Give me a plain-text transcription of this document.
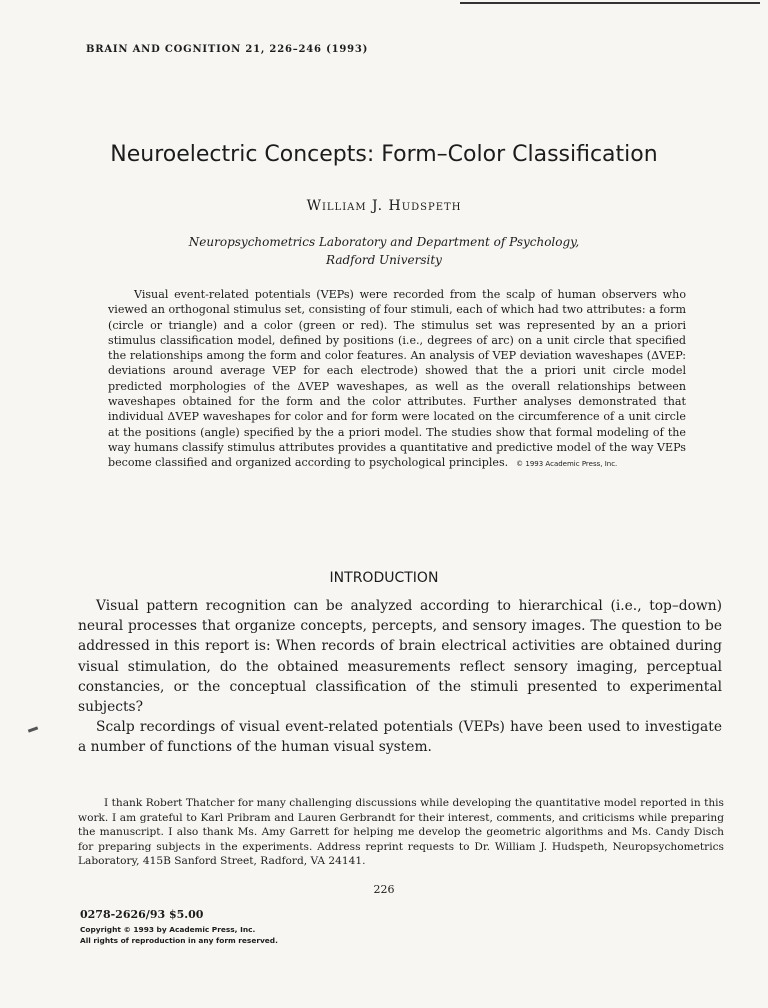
BRAIN AND COGNITION 21, 226–246 (1993)
Neuroelectric Concepts: Form–Color Classification
William J. Hudspeth
Neuropsychometrics Laboratory and Department of Psychology,
Radford University

Visual event-related potentials (VEPs) were recorded from the scalp of human observers who viewed an orthogonal stimulus set, consisting of four stimuli, each of which had two attributes: a form (circle or triangle) and a color (green or red). The stimulus set was represented by an a priori stimulus classification model, defined by positions (i.e., degrees of arc) on a unit circle that specified the relationships among the form and color features. An analysis of VEP deviation waveshapes (ΔVEP: deviations around average VEP for each electrode) showed that the a priori unit circle model predicted morphologies of the ΔVEP waveshapes, as well as the overall relationships between waveshapes obtained for the form and the color attributes. Further analyses demonstrated that individual ΔVEP waveshapes for color and for form were located on the circumference of a unit circle at the positions (angle) specified by the a priori model. The studies show that formal modeling of the way humans classify stimulus attributes provides a quantitative and predictive model of the way VEPs become classified and organized according to psychological principles. © 1993 Academic Press, Inc.

INTRODUCTION

Visual pattern recognition can be analyzed according to hierarchical (i.e., top–down) neural processes that organize concepts, percepts, and sensory images. The question to be addressed in this report is: When records of brain electrical activities are obtained during visual stimulation, do the obtained measurements reflect sensory imaging, perceptual constancies, or the conceptual classification of the stimuli presented to experimental subjects?

Scalp recordings of visual event-related potentials (VEPs) have been used to investigate a number of functions of the human visual system.

I thank Robert Thatcher for many challenging discussions while developing the quantitative model reported in this work. I am grateful to Karl Pribram and Lauren Gerbrandt for their interest, comments, and criticisms while preparing the manuscript. I also thank Ms. Amy Garrett for helping me develop the geometric algorithms and Ms. Candy Disch for preparing subjects in the experiments. Address reprint requests to Dr. William J. Hudspeth, Neuropsychometrics Laboratory, 415B Sanford Street, Radford, VA 24141.

226
0278-2626/93 $5.00
Copyright © 1993 by Academic Press, Inc.
All rights of reproduction in any form reserved.
